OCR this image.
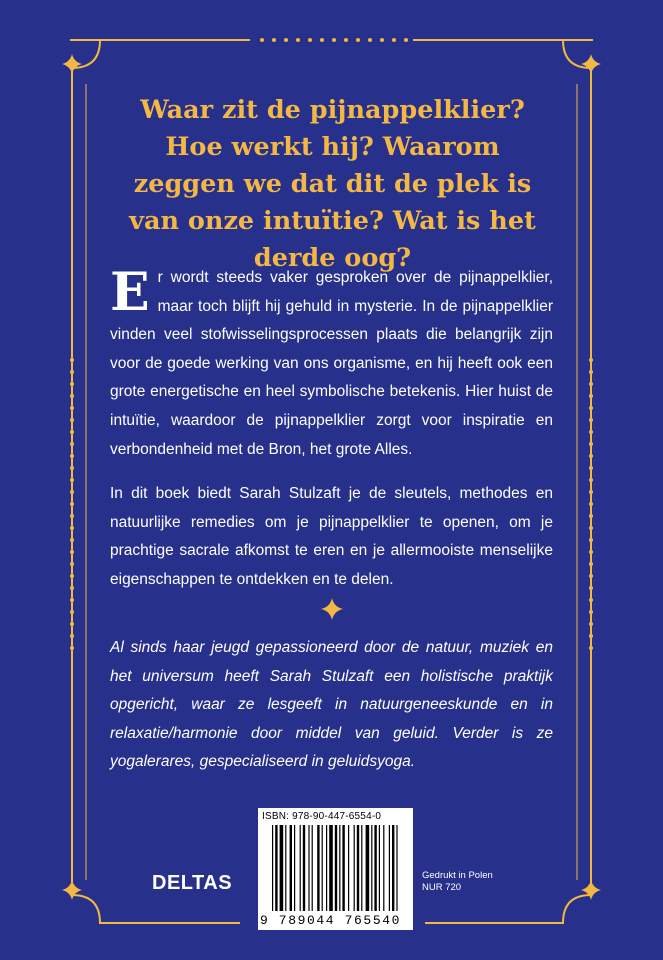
Waar zit de pijnappelklier? Hoe werkt hij? Waarom zeggen we dat dit de plek is van onze intuïtie? Wat is het derde oog?

Er wordt steeds vaker gesproken over de pijnappelklier, maar toch blijft hij gehuld in mysterie. In de pijnappelklier vinden veel stofwisselingsprocessen plaats die belangrijk zijn voor de goede werking van ons organisme, en hij heeft ook een grote energetische en heel symbolische betekenis. Hier huist de intuïtie, waardoor de pijnappelklier zorgt voor inspiratie en verbondenheid met de Bron, het grote Alles.

In dit boek biedt Sarah Stulzaft je de sleutels, methodes en natuurlijke remedies om je pijnappelklier te openen, om je prachtige sacrale afkomst te eren en je allermooiste menselijke eigenschappen te ontdekken en te delen.

Al sinds haar jeugd gepassioneerd door de natuur, muziek en het universum heeft Sarah Stulzaft een holistische praktijk opgericht, waar ze lesgeeft in natuurgeneeskunde en in relaxatie/harmonie door middel van geluid. Verder is ze yogalerares, gespecialiseerd in geluidsyoga.

DELTAS
ISBN: 978-90-447-6554-0
9 789044 765540
Gedrukt in Polen
NUR 720
